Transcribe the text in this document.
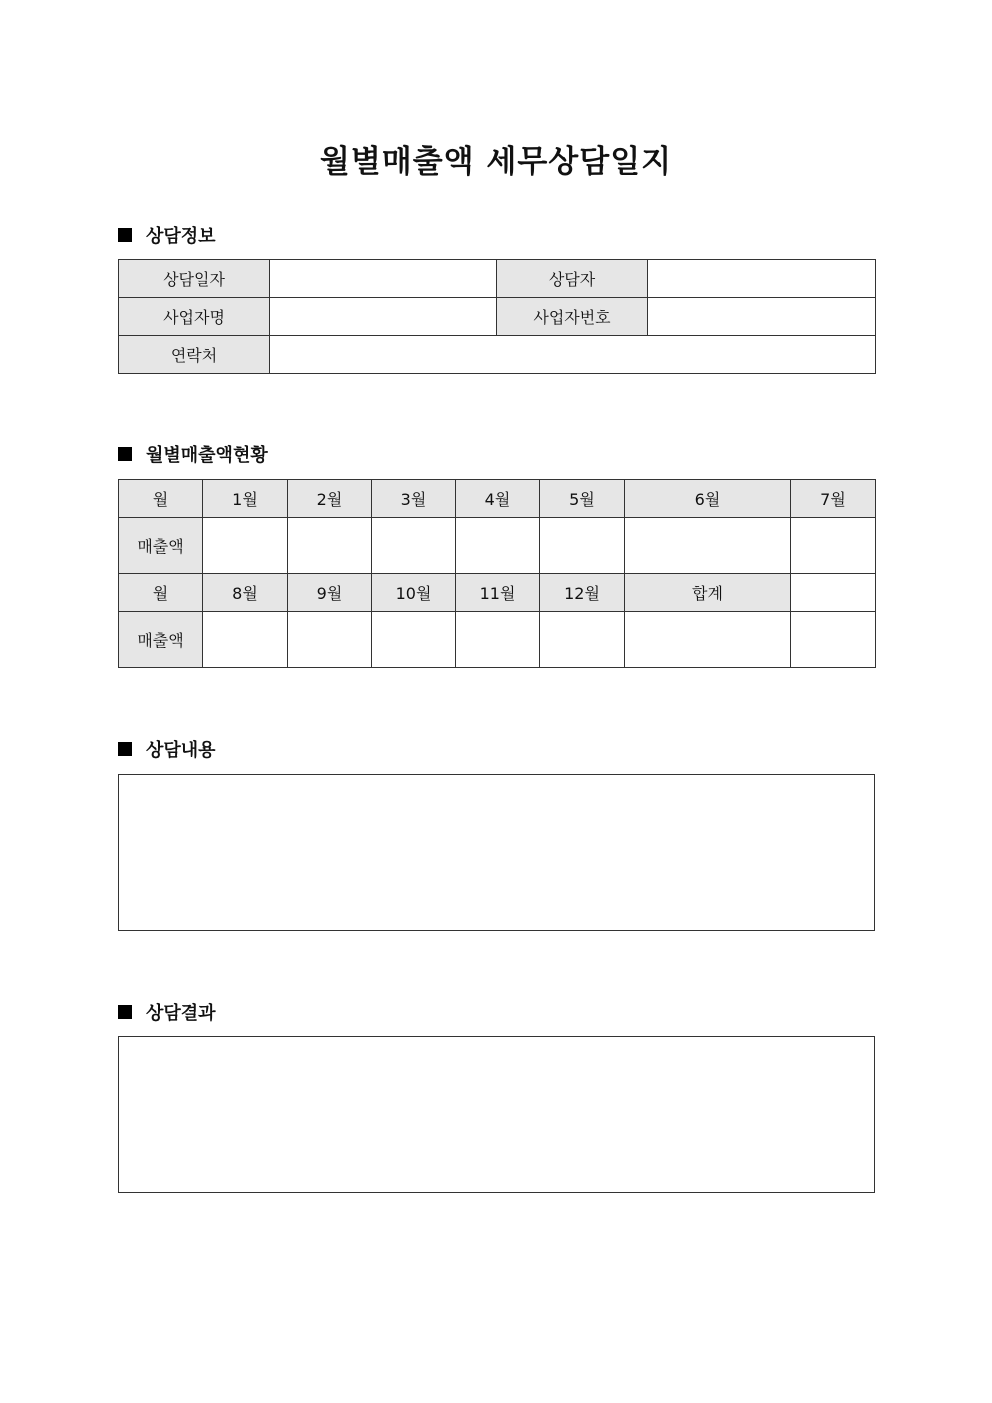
월별매출액 세무상담일지
상담정보
상담일자		상담자	
사업자명		사업자번호	
연락처			
월별매출액현황
월	1월	2월	3월	4월	5월	6월	7월
매출액							
월	8월	9월	10월	11월	12월	합계	
매출액							
상담내용
상담결과
